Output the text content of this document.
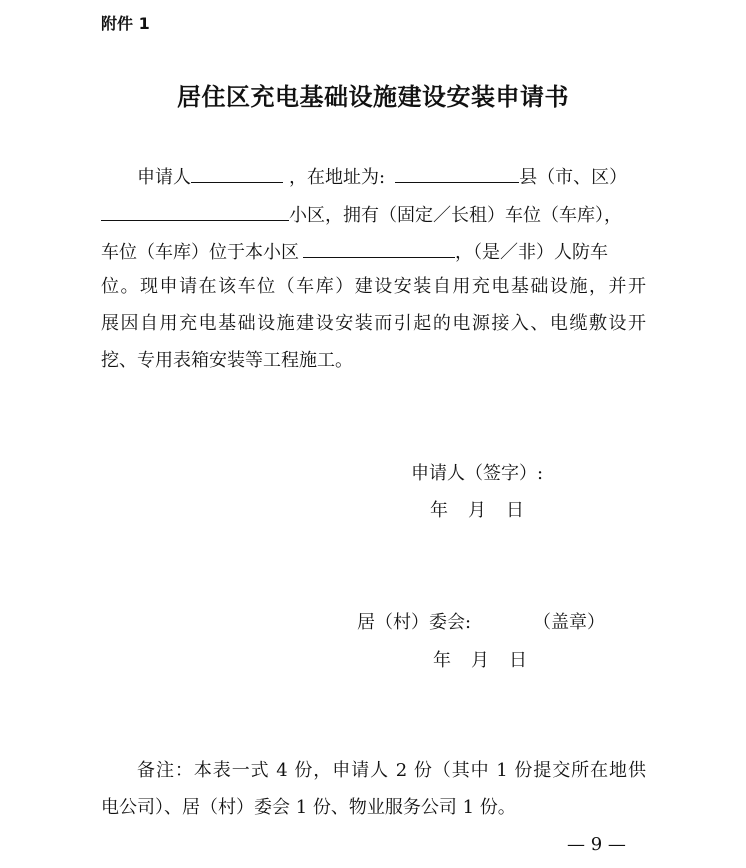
附件 1
居住区充电基础设施建设安装申请书
申请人	，在地址为:	县（市、区）
小区，拥有（固定／长租）车位（车库），
车位（车库）位于本小区	，（是／非）人防车
位。现申请在该车位（车库）建设安装自用充电基础设施，并开
展因自用充电基础设施建设安装而引起的电源接入、电缆敷设开
挖、专用表箱安装等工程施工。
申请人（签字）:
年 月 日
居（村）委会:	（盖章）
年 月 日
备注：本表一式 4 份，申请人 2 份（其中 1 份提交所在地供
电公司）、居（村）委会 1 份、物业服务公司 1 份。
— 9 —
